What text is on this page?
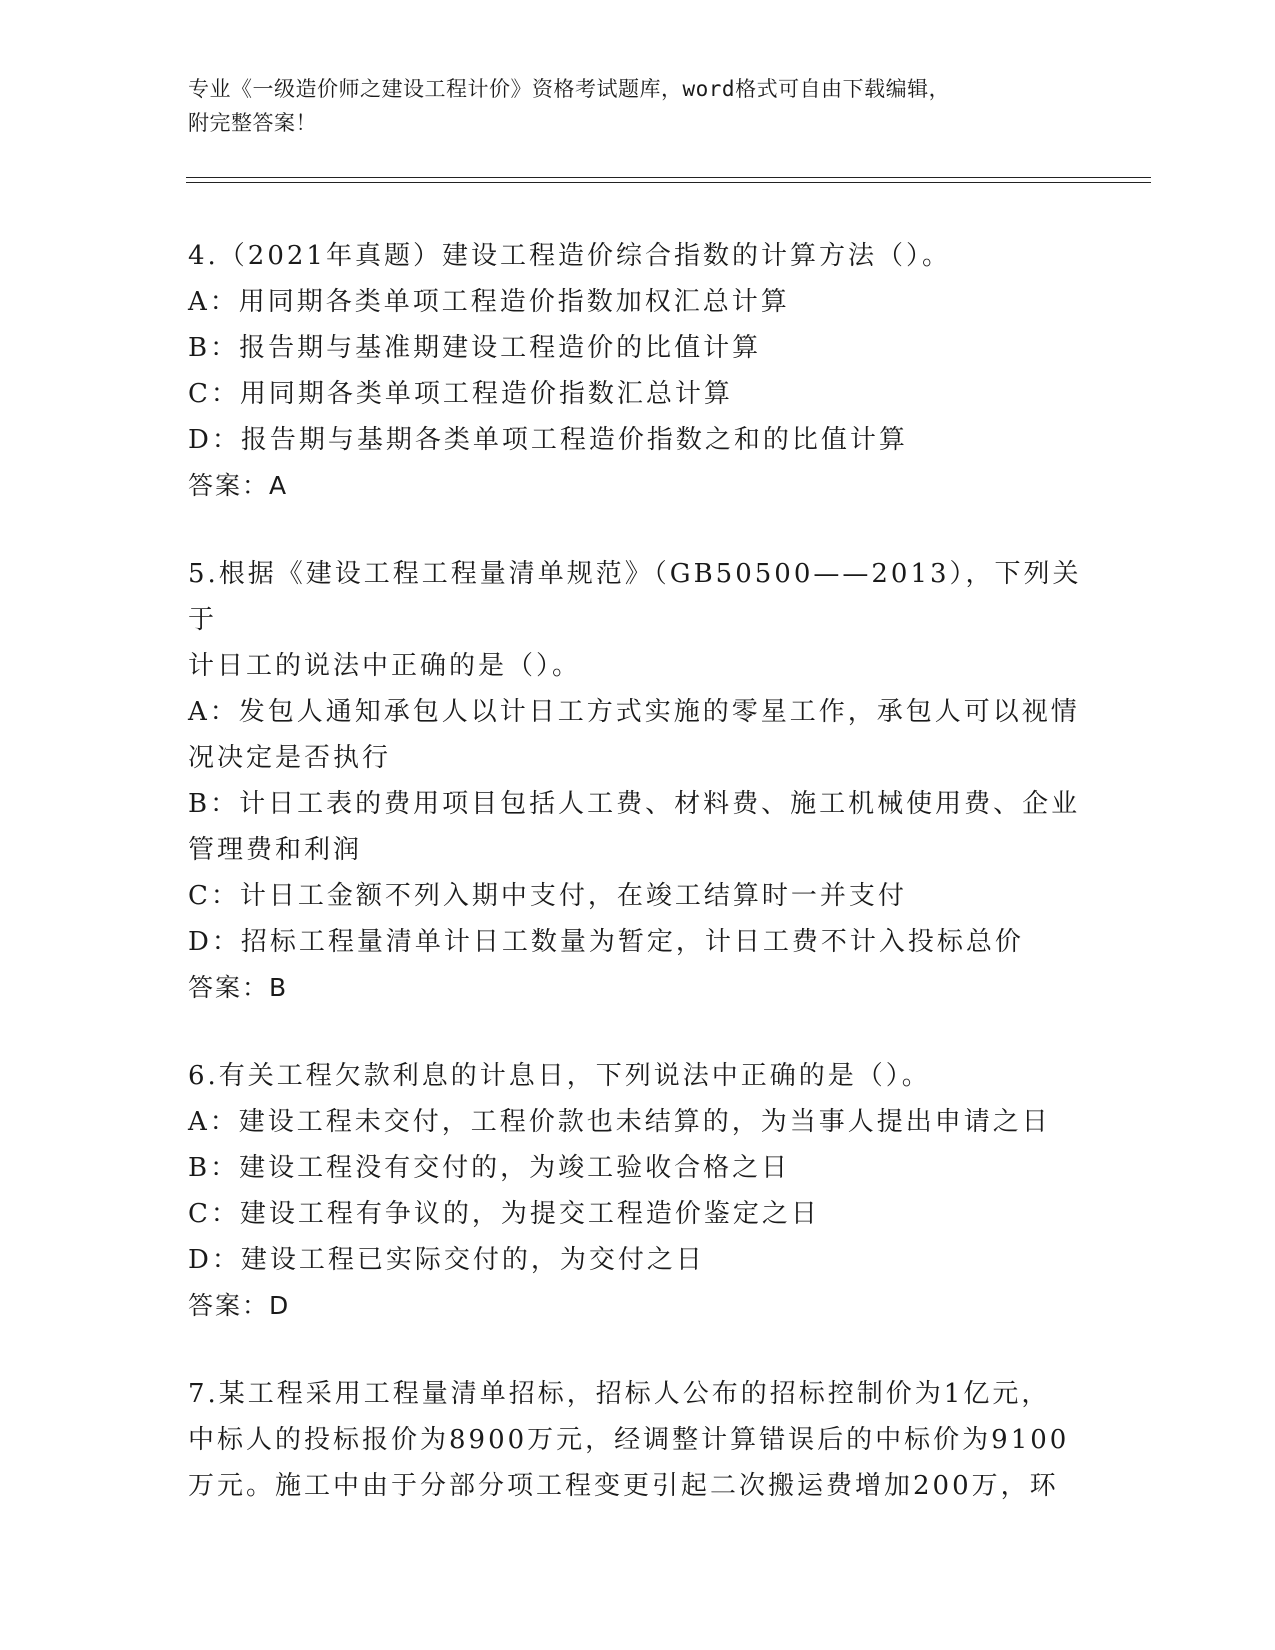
专业《一级造价师之建设工程计价》资格考试题库，word格式可自由下载编辑，
附完整答案！
4.（2021年真题）建设工程造价综合指数的计算方法（）。
A：用同期各类单项工程造价指数加权汇总计算
B：报告期与基准期建设工程造价的比值计算
C：用同期各类单项工程造价指数汇总计算
D：报告期与基期各类单项工程造价指数之和的比值计算
答案：A
5.根据《建设工程工程量清单规范》（GB50500——2013），下列关于
计日工的说法中正确的是（）。
A：发包人通知承包人以计日工方式实施的零星工作，承包人可以视情
况决定是否执行
B：计日工表的费用项目包括人工费、材料费、施工机械使用费、企业
管理费和利润
C：计日工金额不列入期中支付，在竣工结算时一并支付
D：招标工程量清单计日工数量为暂定，计日工费不计入投标总价
答案：B
6.有关工程欠款利息的计息日，下列说法中正确的是（）。
A：建设工程未交付，工程价款也未结算的，为当事人提出申请之日
B：建设工程没有交付的，为竣工验收合格之日
C：建设工程有争议的，为提交工程造价鉴定之日
D：建设工程已实际交付的，为交付之日
答案：D
7.某工程采用工程量清单招标，招标人公布的招标控制价为1亿元，
中标人的投标报价为8900万元，经调整计算错误后的中标价为9100
万元。施工中由于分部分项工程变更引起二次搬运费增加200万，环
